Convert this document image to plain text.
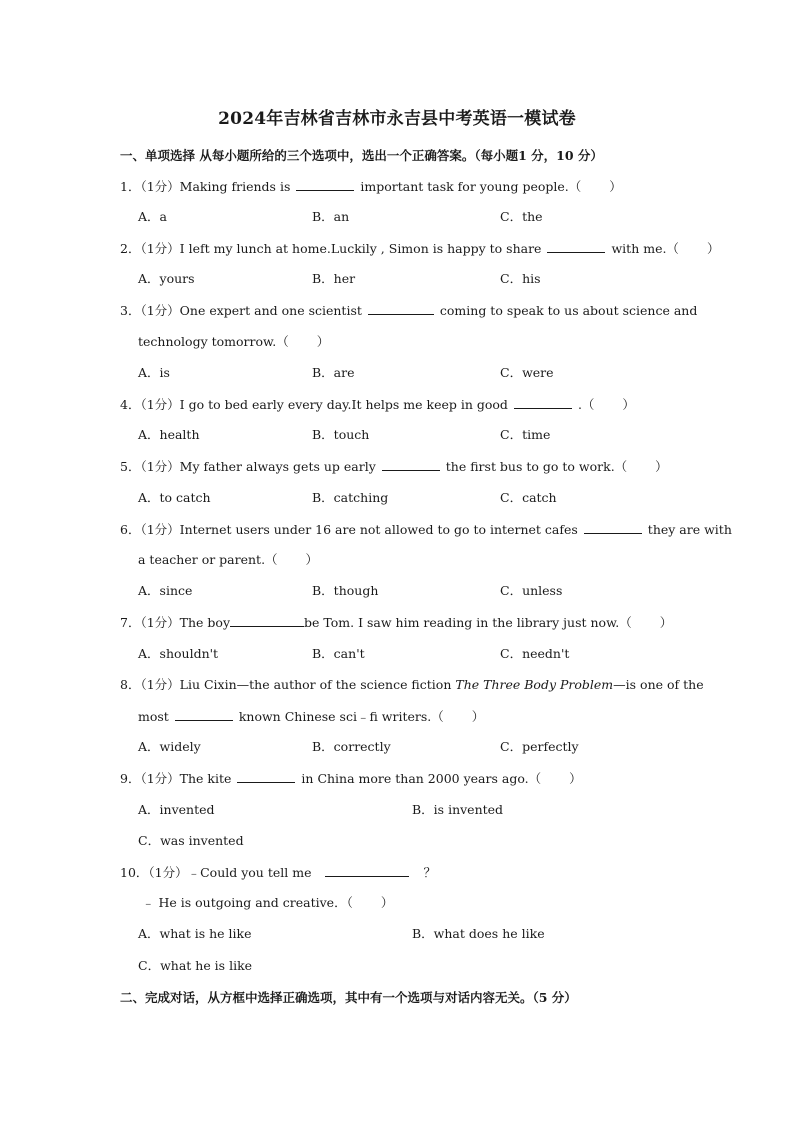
2024年吉林省吉林市永吉县中考英语一模试卷
一、单项选择 从每小题所给的三个选项中，选出一个正确答案。（每小题1 分，10 分）
1．（1分）Making friends is	important task for young people.（ ）
A．a	B．an	C．the
2．（1分）I left my lunch at home.Luckily , Simon is happy to share	with me.（ ）
A．yours	B．her	C．his
3．（1分）One expert and one scientist	coming to speak to us about science and
technology tomorrow.（ ）
A．is	B．are	C．were
4．（1分）I go to bed early every day.It helps me keep in good	.（ ）
A．health	B．touch	C．time
5．（1分）My father always gets up early	the first bus to go to work.（ ）
A．to catch	B．catching	C．catch
6．（1分）Internet users under 16 are not allowed to go to internet cafes	they are with
a teacher or parent.（ ）
A．since	B．though	C．unless
7．（1分）The boy	be Tom. I saw him reading in the library just now.（ ）
A．shouldn't	B．can't	C．needn't
8．（1分）Liu Cixin—the author of the science fiction The Three Body Problem—is one of the
most	known Chinese sci﹣fi writers.（ ）
A．widely	B．correctly	C．perfectly
9．（1分）The kite	in China more than 2000 years ago.（ ）
A．invented	B．is invented
C．was invented
10．（1分）﹣Could you tell me	？
﹣ He is outgoing and creative．（ ）
A．what is he like	B．what does he like
C．what he is like
二、完成对话，从方框中选择正确选项，其中有一个选项与对话内容无关。（5 分）
